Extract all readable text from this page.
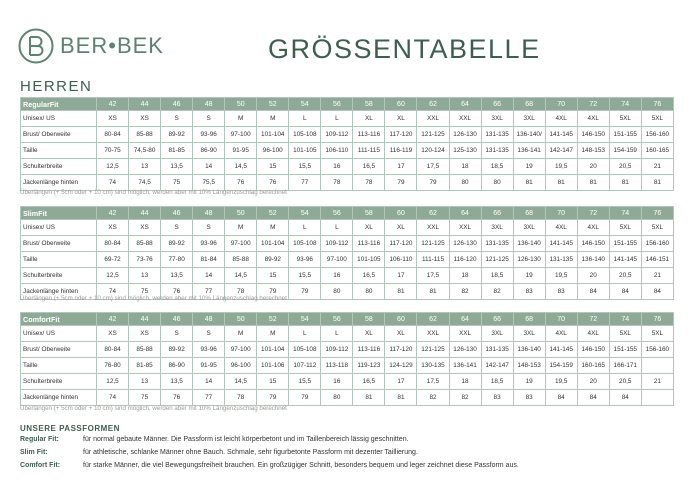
BER•BEK	GRÖSSENTABELLE
HERREN
RegularFit	42	44	46	48	50	52	54	56	58	60	62	64	66	68	70	72	74	76
Unisex/ US	XS	XS	S	S	M	M	L	L	XL	XL	XXL	XXL	3XL	3XL	4XL	4XL	5XL	5XL
Brust/ Oberweite	80-84	85-88	89-92	93-96	97-100	101-104	105-108	109-112	113-116	117-120	121-125	126-130	131-135	136-140/	141-145	146-150	151-155	156-160
Taille	70-75	74,5-80	81-85	86-90	91-95	96-100	101-105	106-110	111-115	116-119	120-124	125-130	131-135	136-141	142-147	148-153	154-159	160-165
Schulterbreite	12,5	13	13,5	14	14,5	15	15,5	16	16,5	17	17,5	18	18,5	19	19,5	20	20,5	21
Jackenlänge hinten	74	74,5	75	75,5	76	76	77	78	78	79	79	80	80	81	81	81	81	81
Überlängen (+ 5cm oder + 10 cm) sind möglich, werden aber mit 10% Längenzuschlag berechnet
SlimFit	42	44	46	48	50	52	54	56	58	60	62	64	66	68	70	72	74	76
Unisex/ US	XS	XS	S	S	M	M	L	L	XL	XL	XXL	XXL	3XL	3XL	4XL	4XL	5XL	5XL
Brust/ Oberweite	80-84	85-88	89-92	93-96	97-100	101-104	105-108	109-112	113-116	117-120	121-125	126-130	131-135	136-140	141-145	146-150	151-155	156-160
Taille	69-72	73-76	77-80	81-84	85-88	89-92	93-96	97-100	101-105	106-110	111-115	116-120	121-125	126-130	131-135	136-140	141-145	146-151
Schulterbreite	12,5	13	13,5	14	14,5	15	15,5	16	16,5	17	17,5	18	18,5	19	19,5	20	20,5	21
Jackenlänge hinten	74	75	76	77	78	79	79	80	80	81	81	82	82	83	83	84	84	84
Überlängen (+ 5cm oder + 10 cm) sind möglich, werden aber mit 10% Längenzuschlag berechnet
ComfortFit	42	44	46	48	50	52	54	56	58	60	62	64	66	68	70	72	74	76
Unisex/ US	XS	XS	S	S	M	M	L	L	XL	XL	XXL	XXL	3XL	3XL	4XL	4XL	5XL	5XL
Brust/ Oberweite	80-84	85-88	89-92	93-96	97-100	101-104	105-108	109-112	113-116	117-120	121-125	126-130	131-135	136-140	141-145	146-150	151-155	156-160
Taille	76-80	81-85	86-90	91-95	96-100	101-106	107-112	113-118	119-123	124-129	130-135	136-141	142-147	148-153	154-159	160-165	166-171	
Schulterbreite	12,5	13	13,5	14	14,5	15	15,5	16	16,5	17	17,5	18	18,5	19	19,5	20	20,5	21
Jackenlänge hinten	74	75	76	77	78	79	79	80	81	81	82	82	83	83	84	84	84	
Überlängen (+ 5cm oder + 10 cm) sind möglich, werden aber mit 10% Längenzuschlag berechnet
UNSERE PASSFORMEN
Regular Fit:	für normal gebaute Männer. Die Passform ist leicht körperbetont und im Taillenbereich lässig geschnitten.
Slim Fit:	für athletische, schlanke Männer ohne Bauch. Schmale, sehr figurbetonte Passform mit dezenter Taillierung.
Comfort Fit:	für starke Männer, die viel Bewegungsfreiheit brauchen. Ein großzügiger Schnitt, besonders bequem und leger zeichnet diese Passform aus.
